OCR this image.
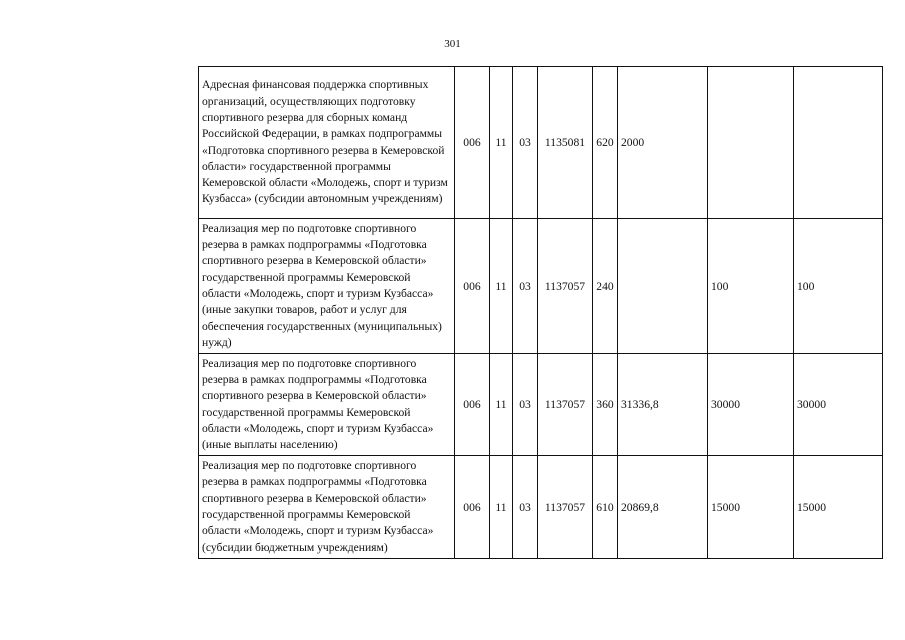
301
Адресная финансовая поддержка спортивных организаций, осуществляющих подготовку спортивного резерва для сборных команд Российской Федерации, в рамках подпрограммы «Подготовка спортивного резерва в Кемеровской области» государственной программы Кемеровской области «Молодежь, спорт и туризм Кузбасса» (субсидии автономным учреждениям)	006	11	03	1135081	620	2000		
Реализация мер по подготовке спортивного резерва в рамках подпрограммы «Подготовка спортивного резерва в Кемеровской области» государственной программы Кемеровской области «Молодежь, спорт и туризм Кузбасса» (иные закупки товаров, работ и услуг для обеспечения государственных (муниципальных) нужд)	006	11	03	1137057	240		100	100
Реализация мер по подготовке спортивного резерва в рамках подпрограммы «Подготовка спортивного резерва в Кемеровской области» государственной программы Кемеровской области «Молодежь, спорт и туризм Кузбасса» (иные выплаты населению)	006	11	03	1137057	360	31336,8	30000	30000
Реализация мер по подготовке спортивного резерва в рамках подпрограммы «Подготовка спортивного резерва в Кемеровской области» государственной программы Кемеровской области «Молодежь, спорт и туризм Кузбасса» (субсидии бюджетным учреждениям)	006	11	03	1137057	610	20869,8	15000	15000
